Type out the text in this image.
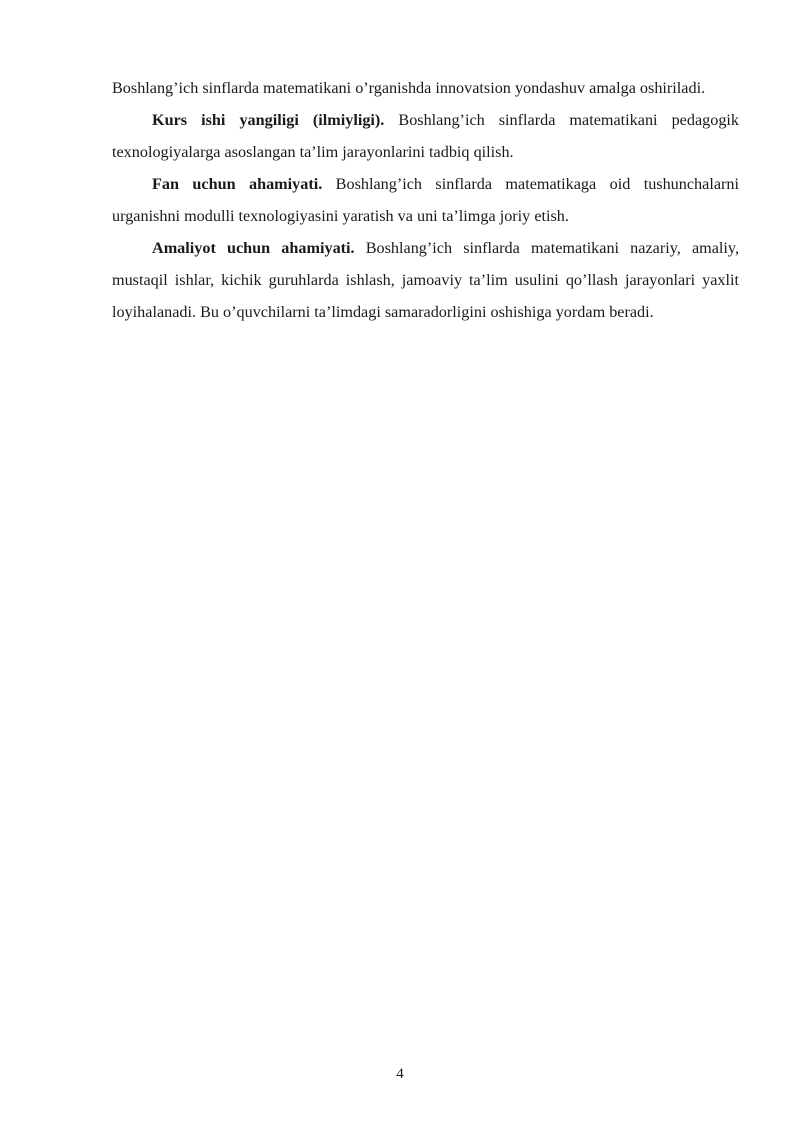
Boshlang’ich sinflarda matematikani o’rganishda innovatsion yondashuv amalga oshiriladi.

Kurs ishi yangiligi (ilmiyligi). Boshlang’ich sinflarda matematikani pedagogik texnologiyalarga asoslangan ta’lim jarayonlarini tadbiq qilish.

Fan uchun ahamiyati. Boshlang’ich sinflarda matematikaga oid tushunchalarni urganishni modulli texnologiyasini yaratish va uni ta’limga joriy etish.

Amaliyot uchun ahamiyati. Boshlang’ich sinflarda matematikani nazariy, amaliy, mustaqil ishlar, kichik guruhlarda ishlash, jamoaviy ta’lim usulini qo’llash jarayonlari yaxlit loyihalanadi. Bu o’quvchilarni ta’limdagi samaradorligini oshishiga yordam beradi.

4
